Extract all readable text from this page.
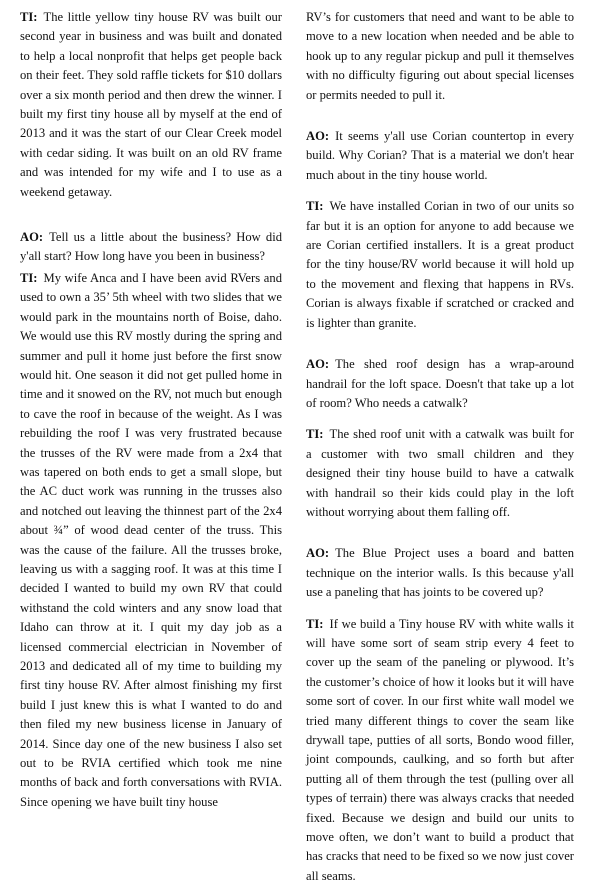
TI: The little yellow tiny house RV was built our second year in business and was built and donated to help a local nonprofit that helps get people back on their feet. They sold raffle tickets for $10 dollars over a six month period and then drew the winner. I built my first tiny house all by myself at the end of 2013 and it was the start of our Clear Creek model with cedar siding. It was built on an old RV frame and was intended for my wife and I to use as a weekend getaway.

AO: Tell us a little about the business? How did y'all start? How long have you been in business?

TI: My wife Anca and I have been avid RVers and used to own a 35’ 5th wheel with two slides that we would park in the mountains north of Boise, daho. We would use this RV mostly during the spring and summer and pull it home just before the first snow would hit. One season it did not get pulled home in time and it snowed on the RV, not much but enough to cave the roof in because of the weight. As I was rebuilding the roof I was very frustrated because the trusses of the RV were made from a 2x4 that was tapered on both ends to get a small slope, but the AC duct work was running in the trusses also and notched out leaving the thinnest part of the 2x4 about ¾” of wood dead center of the truss. This was the cause of the failure. All the trusses broke, leaving us with a sagging roof. It was at this time I decided I wanted to build my own RV that could withstand the cold winters and any snow load that Idaho can throw at it. I quit my day job as a licensed commercial electrician in November of 2013 and dedicated all of my time to building my first tiny house RV. After almost finishing my first build I just knew this is what I wanted to do and then filed my new business license in January of 2014. Since day one of the new business I also set out to be RVIA certified which took me nine months of back and forth conversations with RVIA. Since opening we have built tiny house

RV’s for customers that need and want to be able to move to a new location when needed and be able to hook up to any regular pickup and pull it themselves with no difficulty figuring out about special licenses or permits needed to pull it.

AO: It seems y'all use Corian countertop in every build. Why Corian? That is a material we don't hear much about in the tiny house world.

TI: We have installed Corian in two of our units so far but it is an option for anyone to add because we are Corian certified installers. It is a great product for the tiny house/RV world because it will hold up to the movement and flexing that happens in RVs. Corian is always fixable if scratched or cracked and is lighter than granite.

AO: The shed roof design has a wrap-around handrail for the loft space. Doesn't that take up a lot of room? Who needs a catwalk?

TI: The shed roof unit with a catwalk was built for a customer with two small children and they designed their tiny house build to have a catwalk with handrail so their kids could play in the loft without worrying about them falling off.

AO: The Blue Project uses a board and batten technique on the interior walls. Is this because y'all use a paneling that has joints to be covered up?

TI: If we build a Tiny house RV with white walls it will have some sort of seam strip every 4 feet to cover up the seam of the paneling or plywood. It’s the customer’s choice of how it looks but it will have some sort of cover. In our first white wall model we tried many different things to cover the seam like drywall tape, putties of all sorts, Bondo wood filler, joint compounds, caulking, and so forth but after putting all of them through the test (pulling over all types of terrain) there was always cracks that needed fixed. Because we design and build our units to move often, we don’t want to build a product that has cracks that need to be fixed so we now just cover all seams.
